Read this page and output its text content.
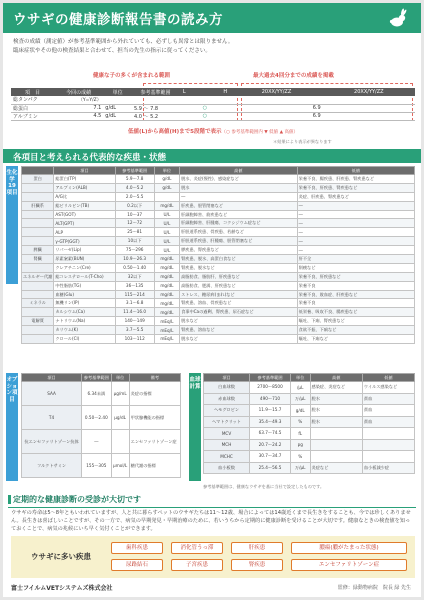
ウサギの健康診断報告書の読み方
検査の成績（測定値）が参考基準範囲から外れていても、必ずしも異常とは限りません。
臨床症状やその他の検査結果と合わせて、担当の先生の指示に従ってください。
健康な子の多くが含まれる範囲	最大過去4回分までの成績を掲載
項　目	今回の成績	単位	参考基準範囲	L				H	20XX/YY/ZZ	20XX/YY/ZZ
総タンパク	（Y=Y/Z）									
総蛋白	7.1	g/dL	5.9 〜 7.8			○			6.9	
アルブミン	4.5	g/dL	4.0 〜 5.2			○			6.9	
低値(L)から高値(H)まで5段階で表示（○ 参考基準範囲内 ▼ 低値 ▲ 高値）
＊結果により表示が異なります
各項目と考えられる代表的な疾患・状態
生化学19項目
	項目	参考基準範囲	単位	高値	低値
蛋白	総蛋白(TP)	5.9〜7.8	g/dL	脱水、炎症(慢性)、感染症など	栄養不良、腸疾患、肝疾患、腎疾患など
	アルブミン(ALB)	4.0〜5.2	g/dL	脱水	栄養不良、肝疾患、腎疾患など
	A/G比	2.0〜5.5		―	炎症、肝疾患、腎疾患など
肝臓系	総ビリルビン(TB)	0.2以下	mg/dL	肝疾患、胆管閉塞など	―
	AST(GOT)	10〜37	U/L	肝細胞障害、筋疾患など	―
	ALT(GPT)	12〜72	U/L	肝細胞障害、肝腫瘍、コクシジウム症など	―
	ALP	25〜81	U/L	肝胆道系疾患、骨疾患、若齢など	―
	γ-GTP(GGT)	10以下	U/L	肝胆道系疾患、肝腫瘍、胆管閉塞など	―
膵臓	リパーゼ(Lip)	75〜296	U/L	膵疾患、腎疾患など	―
腎臓	尿素窒素(BUN)	10.9〜26.3	mg/dL	腎疾患、脱水、高蛋白食など	肝不全
	クレアチニン(Cre)	0.50〜1.40	mg/dL	腎疾患、脱水など	削痩など
エネルギー代謝	総コレステロール(T-Cho)	32以下	mg/dL	高脂肪食、脂肪肝、肝疾患など	栄養不良、肝疾患など
	中性脂肪(TG)	36〜135	mg/dL	高脂肪食、肥満、肝疾患など	栄養不良
	血糖(Glu)	115〜214	mg/dL	ストレス、糖尿病(まれ)など	栄養不良、敗血症、肝疾患など
ミネラル	無機リン(IP)	3.1〜6.8	mg/dL	腎疾患、溶血、骨疾患など	栄養不良
	カルシウム(Ca)	11.4〜16.0	mg/dL	食事中Caの過剰、腎疾患、尿石症など	低栄養、吸収不良、腸疾患など
電解質	ナトリウム(Na)	140〜149	mEq/L	脱水など	嘔吐、下痢、腎疾患など
	カリウム(K)	3.7〜5.5	mEq/L	腎疾患、溶血など	食欲不振、下痢など
	クロール(Cl)	103〜112	mEq/L	脱水など	嘔吐、下痢など
オプション項目
項目	参考基準範囲	単位	備考
SAA	6.34未満	μg/mL	炎症の指標
T4	0.50〜2.40	μg/dL	甲状腺機能の指標
抗エンセファリトゾーン抗体	―		エンセファリトゾーン症
フルクトサミン	155〜305	μmol/L	糖代謝の指標
血球計算
項目	参考基準範囲	単位	高値	低値
白血球数	2700〜8500	/μL	感染症、炎症など	ウイルス感染など
赤血球数	490〜710	万/μL	脱水	貧血
ヘモグロビン	11.9〜15.7	g/dL	脱水	貧血
ヘマトクリット	35.4〜49.3	%	脱水	貧血
MCV	63.7〜74.5	fL		
MCH	20.7〜24.2	pg		
MCHC	30.7〜34.7	%		
血小板数	25.4〜56.5	万/μL	炎症など	血小板減少症
参考基準範囲は、健康なウサギを基に当社で設定したものです。
定期的な健康診断の受診が大切です
ウサギの寿命は5〜8年ともいわれていますが、人と共に暮らすペットのウサギたちは11〜12歳、場合によっては14歳近くまで長生きをすることも、今では珍しくありません。長生きは喜ばしいことですが、その一方で、病気の早期発見・早期治療のために、若いうちから定期的に健康診断を受けることが大切です。健康なときの検査値を知っておくことで、病気の兆候にいち早く気付くことができます。
ウサギに多い疾患
歯科疾患	消化管うっ滞	肝疾患	膿瘍(膿がたまった状態)
尿路結石	子宮疾患	腎疾患	エンセファリトゾーン症
富士フイルムVETシステムズ株式会社	監修：緑動物病院　院長 緑 先生
